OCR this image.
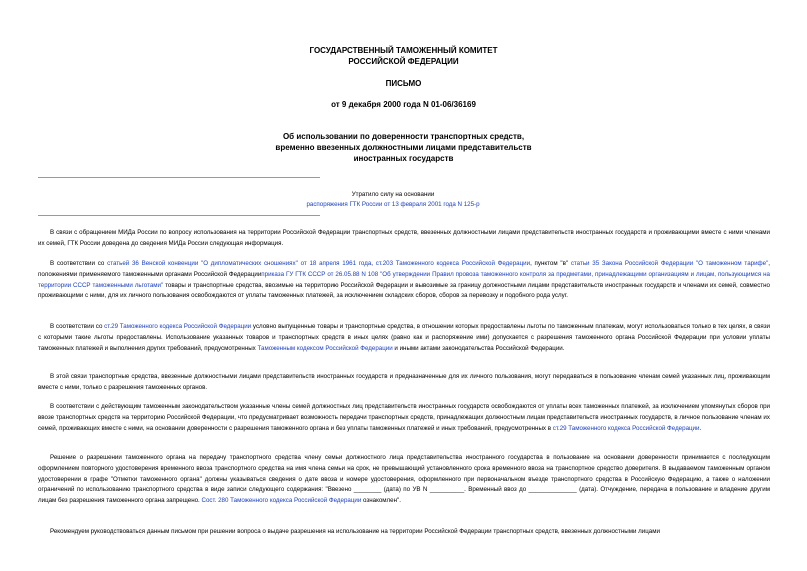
ГОСУДАРСТВЕННЫЙ ТАМОЖЕННЫЙ КОМИТЕТ
РОССИЙСКОЙ ФЕДЕРАЦИИ
ПИСЬМО
от 9 декабря 2000 года N 01-06/36169
Об использовании по доверенности транспортных средств,
временно ввезенных должностными лицами представительств
иностранных государств
Утратило силу на основании
распоряжения ГТК России от 13 февраля 2001 года N 125-р
В связи с обращением МИДа России по вопросу использования на территории Российской Федерации транспортных средств, ввезенных должностными лицами представительств иностранных государств и проживающими вместе с ними членами их семей, ГТК России доведена до сведения МИДа России следующая информация.
В соответствии со статьей 36 Венской конвенции "О дипломатических сношениях" от 18 апреля 1961 года, ст.203 Таможенного кодекса Российской Федерации, пунктом "в" статьи 35 Закона Российской Федерации "О таможенном тарифе", положениями применяемого таможенными органами Российской Федерацииприказа ГУ ГТК СССР от 26.05.88 N 108 "Об утверждении Правил провоза таможенного контроля за предметами, принадлежащими организациям и лицам, пользующимся на территории СССР таможенными льготами" товары и транспортные средства, ввозимые на территорию Российской Федерации и вывозимые за границу должностными лицами представительств иностранных государств и членами их семей, совместно проживающими с ними, для их личного пользования освобождаются от уплаты таможенных платежей, за исключением складских сборов, сборов за перевозку и подобного рода услуг.
В соответствии со ст.29 Таможенного кодекса Российской Федерации условно выпущенные товары и транспортные средства, в отношении которых предоставлены льготы по таможенным платежам, могут использоваться только в тех целях, в связи с которыми такие льготы предоставлены. Использование указанных товаров и транспортных средств в иных целях (равно как и распоряжение ими) допускается с разрешения таможенного органа Российской Федерации при условии уплаты таможенных платежей и выполнения других требований, предусмотренных Таможенным кодексом Российской Федерации и иными актами законодательства Российской Федерации.
В этой связи транспортные средства, ввезенные должностными лицами представительств иностранных государств и предназначенные для их личного пользования, могут передаваться в пользование членам семей указанных лиц, проживающим вместе с ними, только с разрешения таможенных органов.
В соответствии с действующим таможенным законодательством указанные члены семей должностных лиц представительств иностранных государств освобождаются от уплаты всех таможенных платежей, за исключением упомянутых сборов при ввозе транспортных средств на территорию Российской Федерации, что предусматривает возможность передачи транспортных средств, принадлежащих должностным лицам представительств иностранных государств, в личное пользование членам их семей, проживающих вместе с ними, на основании доверенности с разрешения таможенного органа и без уплаты таможенных платежей и иных требований, предусмотренных в ст.29 Таможенного кодекса Российской Федерации.
Решение о разрешении таможенного органа на передачу транспортного средства члену семьи должностного лица представительства иностранного государства в пользование на основании доверенности принимается с последующим оформлением повторного удостоверения временного ввоза транспортного средства на имя члена семьи на срок, не превышающий установленного срока временного ввоза на транспортное средство доверителя. В выдаваемом таможенным органом удостоверении в графе "Отметки таможенного органа" должны указываться сведения о дате ввоза и номере удостоверения, оформленного при первоначальном въезде транспортного средства в Российскую Федерацию, а также о наложении ограничений по использованию транспортного средства в виде записи следующего содержания: "Ввезено ________ (дата) по УВ N __________. Временный ввоз до ______________ (дата). Отчуждение, передача в пользование и владение другим лицам без разрешения таможенного органа запрещено. Сост. 280 Таможенного кодекса Российской Федерации ознакомлен".
Рекомендуем руководствоваться данным письмом при решении вопроса о выдаче разрешения на использование на территории Российской Федерации транспортных средств, ввезенных должностными лицами
